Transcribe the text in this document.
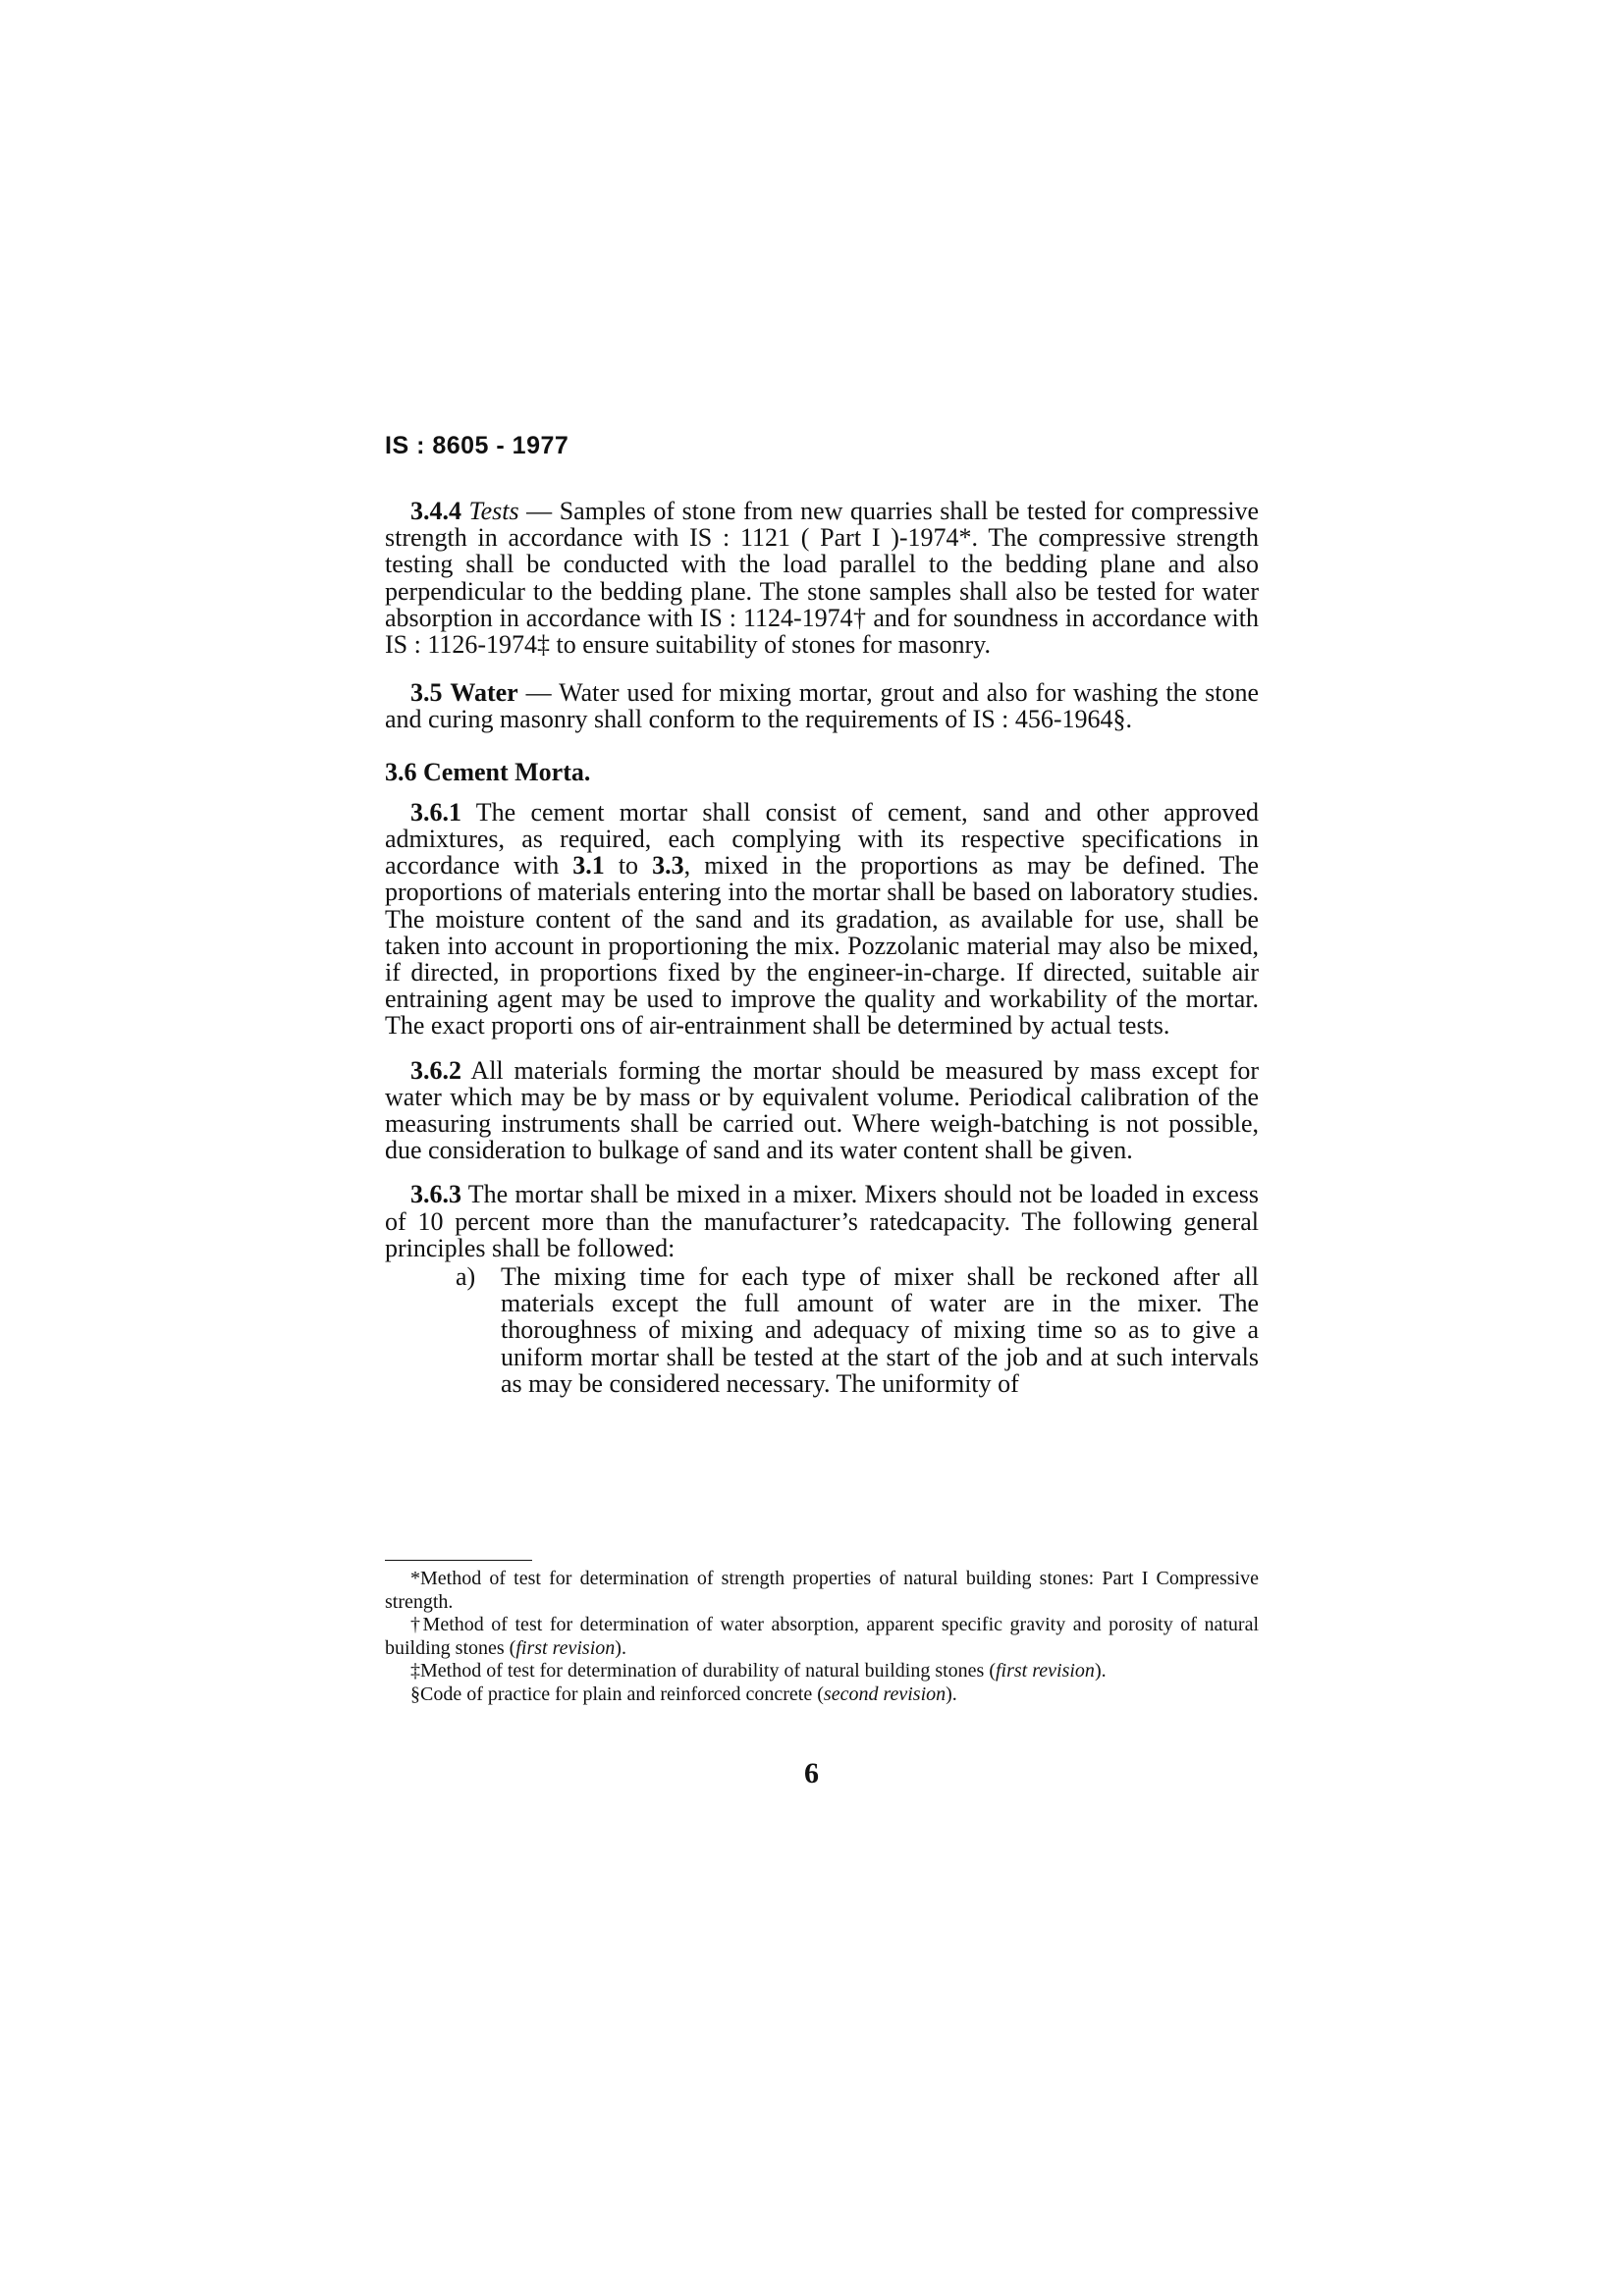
IS : 8605 - 1977

3.4.4 Tests — Samples of stone from new quarries shall be tested for compressive strength in accordance with IS : 1121 ( Part I )-1974*. The compressive strength testing shall be conducted with the load parallel to the bedding plane and also perpendicular to the bedding plane. The stone samples shall also be tested for water absorption in accordance with IS : 1124-1974† and for soundness in accordance with IS : 1126-1974‡ to ensure suitability of stones for masonry.

3.5 Water — Water used for mixing mortar, grout and also for washing the stone and curing masonry shall conform to the requirements of IS : 456-1964§.

3.6 Cement Morta.

3.6.1 The cement mortar shall consist of cement, sand and other approved admixtures, as required, each complying with its respective specifications in accordance with 3.1 to 3.3, mixed in the proportions as may be defined. The proportions of materials entering into the mortar shall be based on laboratory studies. The moisture content of the sand and its gradation, as available for use, shall be taken into account in proportioning the mix. Pozzolanic material may also be mixed, if directed, in proportions fixed by the engineer-in-charge. If directed, suitable air entraining agent may be used to improve the quality and workability of the mortar. The exact proporti ons of air-entrainment shall be determined by actual tests.

3.6.2 All materials forming the mortar should be measured by mass except for water which may be by mass or by equivalent volume. Periodical calibration of the measuring instruments shall be carried out. Where weigh-batching is not possible, due consideration to bulkage of sand and its water content shall be given.

3.6.3 The mortar shall be mixed in a mixer. Mixers should not be loaded in excess of 10 percent more than the manufacturer’s ratedcapacity. The following general principles shall be followed:

a) The mixing time for each type of mixer shall be reckoned after all materials except the full amount of water are in the mixer. The thoroughness of mixing and adequacy of mixing time so as to give a uniform mortar shall be tested at the start of the job and at such intervals as may be considered necessary. The uniformity of

*Method of test for determination of strength properties of natural building stones: Part I Compressive strength.

†Method of test for determination of water absorption, apparent specific gravity and porosity of natural building stones (first revision).

‡Method of test for determination of durability of natural building stones (first revision).

§Code of practice for plain and reinforced concrete (second revision).

6
